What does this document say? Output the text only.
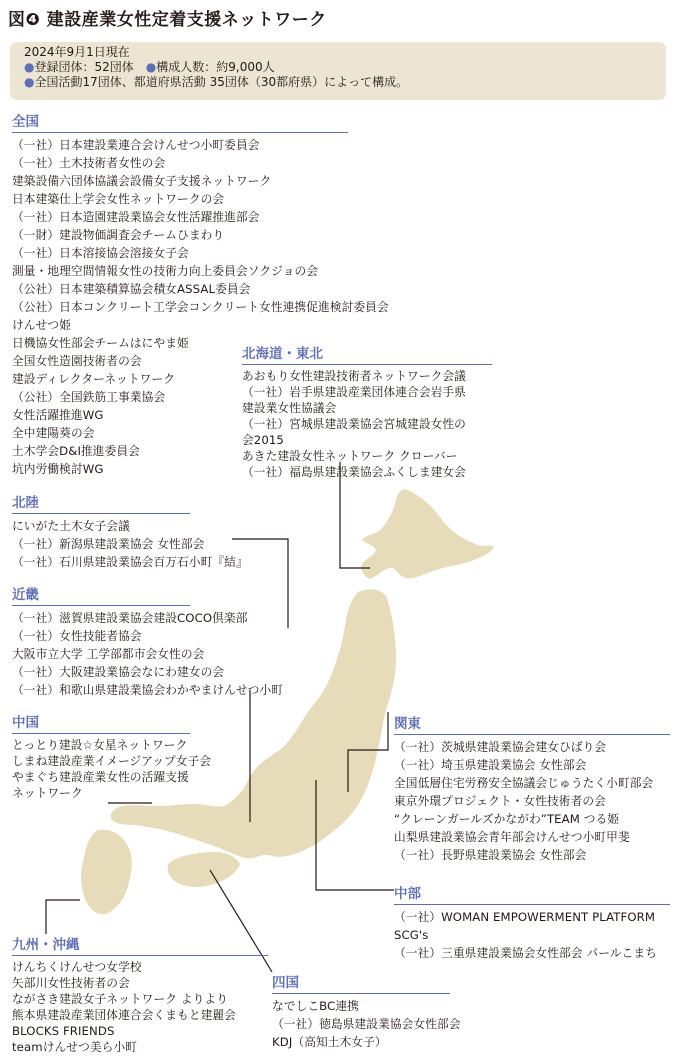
図❹ 建設産業女性定着支援ネットワーク
2024年9月1日現在
●登録団体：52団体　●構成人数：約9,000人
●全国活動17団体、都道府県活動 35団体（30都府県）によって構成。
全国
（一社）日本建設業連合会けんせつ小町委員会
（一社）土木技術者女性の会
建築設備六団体協議会設備女子支援ネットワーク
日本建築仕上学会女性ネットワークの会
（一社）日本造園建設業協会女性活躍推進部会
（一財）建設物価調査会チームひまわり
（一社）日本溶接協会溶接女子会
測量・地理空間情報女性の技術力向上委員会ソクジョの会
（公社）日本建築積算協会積女ASSAL委員会
（公社）日本コンクリート工学会コンクリート女性連携促進検討委員会
けんせつ姫
日機協女性部会チームはにやま姫
全国女性造園技術者の会
建設ディレクターネットワーク
（公社）全国鉄筋工事業協会
女性活躍推進WG
全中建陽葵の会
土木学会D&I推進委員会
坑内労働検討WG
北海道・東北
あおもり女性建設技術者ネットワーク会議
（一社）岩手県建設産業団体連合会岩手県
建設業女性協議会
（一社）宮城県建設業協会宮城建設女性の
会2015
あきた建設女性ネットワーク クローバー
（一社）福島県建設業協会ふくしま建女会
北陸
にいがた土木女子会議
（一社）新潟県建設業協会 女性部会
（一社）石川県建設業協会百万石小町『結』
近畿
（一社）滋賀県建設業協会建設COCO倶楽部
（一社）女性技能者協会
大阪市立大学 工学部都市会女性の会
（一社）大阪建設業協会なにわ建女の会
（一社）和歌山県建設業協会わかやまけんせつ小町
中国
とっとり建設☆女星ネットワーク
しまね建設産業イメージアップ女子会
やまぐち建設産業女性の活躍支援
ネットワーク
関東
（一社）茨城県建設業協会建女ひばり会
（一社）埼玉県建設業協会 女性部会
全国低層住宅労務安全協議会じゅうたく小町部会
東京外環プロジェクト・女性技術者の会
“クレーンガールズかながわ”TEAM つる姫
山梨県建設業協会青年部会けんせつ小町甲斐
（一社）長野県建設業協会 女性部会
中部
（一社）WOMAN EMPOWERMENT PLATFORM
SCG's
（一社）三重県建設業協会女性部会 パールこまち
九州・沖縄
けんちくけんせつ女学校
矢部川女性技術者の会
ながさき建設女子ネットワーク よりより
熊本県建設産業団体連合会くまもと建麗会
BLOCKS FRIENDS
teamけんせつ美ら小町
四国
なでしこBC連携
（一社）徳島県建設業協会女性部会
KDJ（高知土木女子）
